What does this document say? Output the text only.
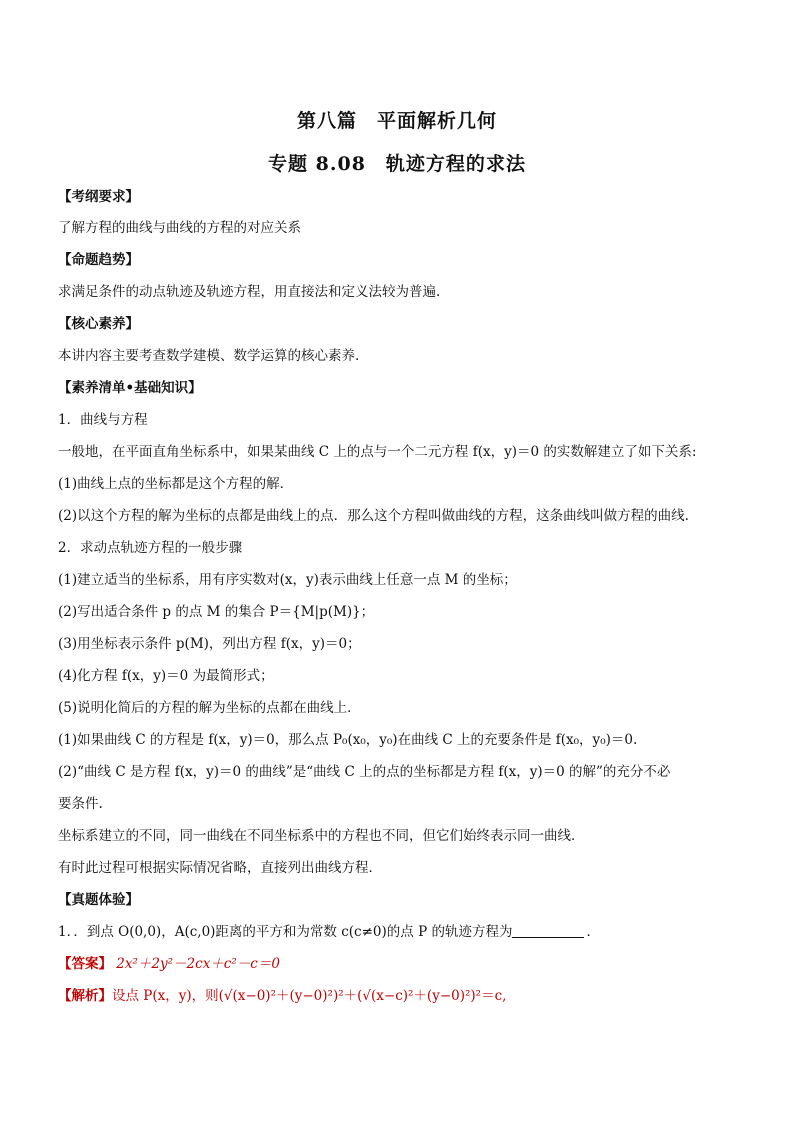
第八篇　平面解析几何
专题 8.08　轨迹方程的求法
【考纲要求】
了解方程的曲线与曲线的方程的对应关系
【命题趋势】
求满足条件的动点轨迹及轨迹方程，用直接法和定义法较为普遍.
【核心素养】
本讲内容主要考查数学建模、数学运算的核心素养.
【素养清单•基础知识】
1．曲线与方程
一般地，在平面直角坐标系中，如果某曲线 C 上的点与一个二元方程 f(x，y)＝0 的实数解建立了如下关系:
(1)曲线上点的坐标都是这个方程的解．
(2)以这个方程的解为坐标的点都是曲线上的点．那么这个方程叫做曲线的方程，这条曲线叫做方程的曲线.
2．求动点轨迹方程的一般步骤
(1)建立适当的坐标系，用有序实数对(x，y)表示曲线上任意一点 M 的坐标；
(2)写出适合条件 p 的点 M 的集合 P＝{M|p(M)}；
(3)用坐标表示条件 p(M)，列出方程 f(x，y)＝0；
(4)化方程 f(x，y)＝0 为最简形式；
(5)说明化简后的方程的解为坐标的点都在曲线上．
(1)如果曲线 C 的方程是 f(x，y)＝0，那么点 P₀(x₀，y₀)在曲线 C 上的充要条件是 f(x₀，y₀)＝0.
(2)“曲线 C 是方程 f(x，y)＝0 的曲线”是“曲线 C 上的点的坐标都是方程 f(x，y)＝0 的解”的充分不必
要条件.
坐标系建立的不同，同一曲线在不同坐标系中的方程也不同，但它们始终表示同一曲线．
有时此过程可根据实际情况省略，直接列出曲线方程．
【真题体验】
1．．到点 O(0,0)，A(c,0)距离的平方和为常数 c(c≠0)的点 P 的轨迹方程为	．
【答案】 2x²＋2y²－2cx＋c²－c＝0
【解析】设点 P(x，y)，则(√(x−0)²＋(y−0)²)²＋(√(x−c)²＋(y−0)²)²＝c,
